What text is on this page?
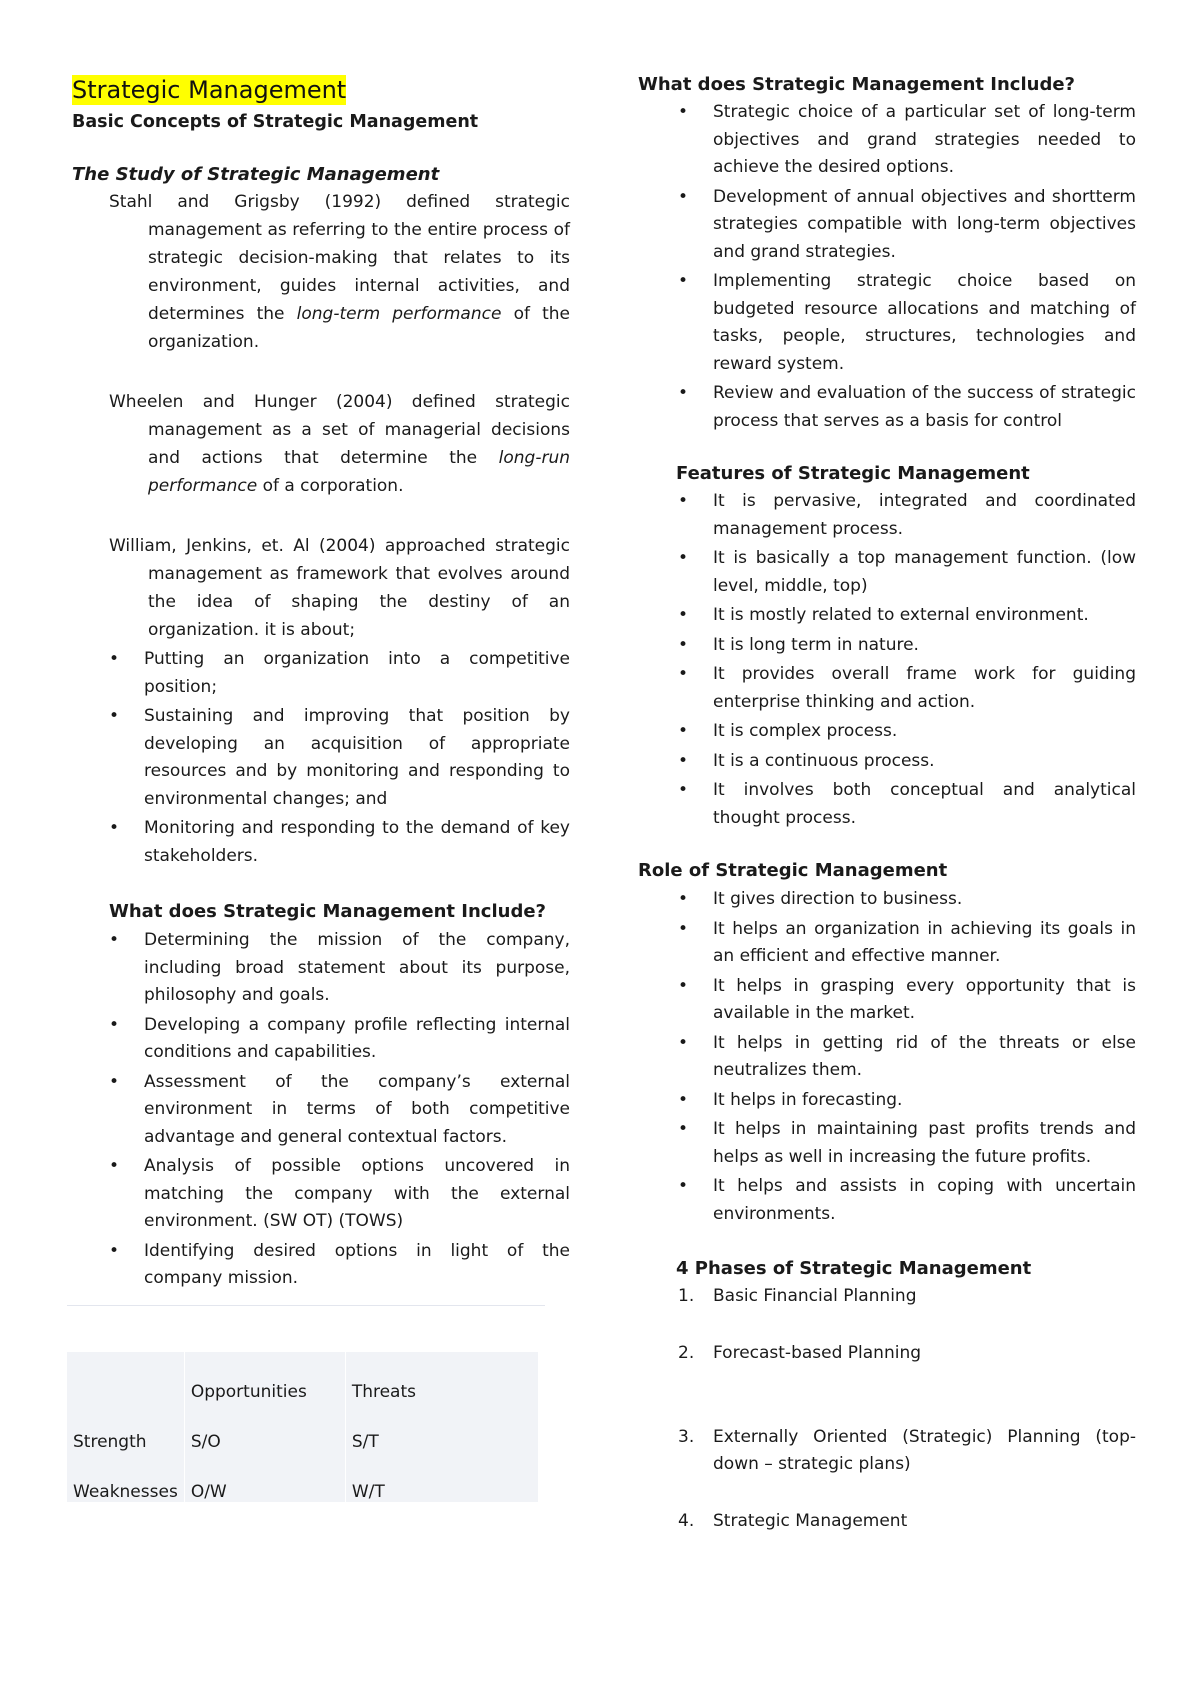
Strategic Management
Basic Concepts of Strategic Management
The Study of Strategic Management
Stahl and Grigsby (1992) defined strategic management as referring to the entire process of strategic decision-making that relates to its environment, guides internal activities, and determines the long-term performance of the organization.
Wheelen and Hunger (2004) defined strategic management as a set of managerial decisions and actions that determine the long-run performance of a corporation.
William, Jenkins, et. Al (2004) approached strategic management as framework that evolves around the idea of shaping the destiny of an organization. it is about;
• Putting an organization into a competitive position;
• Sustaining and improving that position by developing an acquisition of appropriate resources and by monitoring and responding to environmental changes; and
• Monitoring and responding to the demand of key stakeholders.
What does Strategic Management Include?
• Determining the mission of the company, including broad statement about its purpose, philosophy and goals.
• Developing a company profile reflecting internal conditions and capabilities.
• Assessment of the company’s external environment in terms of both competitive advantage and general contextual factors.
• Analysis of possible options uncovered in matching the company with the external environment. (SW OT) (TOWS)
• Identifying desired options in light of the company mission.
	Opportunities	Threats
Strength	S/O	S/T
Weaknesses	O/W	W/T
What does Strategic Management Include?
• Strategic choice of a particular set of long-term objectives and grand strategies needed to achieve the desired options.
• Development of annual objectives and shortterm strategies compatible with long-term objectives and grand strategies.
• Implementing strategic choice based on budgeted resource allocations and matching of tasks, people, structures, technologies and reward system.
• Review and evaluation of the success of strategic process that serves as a basis for control
Features of Strategic Management
• It is pervasive, integrated and coordinated management process.
• It is basically a top management function. (low level, middle, top)
• It is mostly related to external environment.
• It is long term in nature.
• It provides overall frame work for guiding enterprise thinking and action.
• It is complex process.
• It is a continuous process.
• It involves both conceptual and analytical thought process.
Role of Strategic Management
• It gives direction to business.
• It helps an organization in achieving its goals in an efficient and effective manner.
• It helps in grasping every opportunity that is available in the market.
• It helps in getting rid of the threats or else neutralizes them.
• It helps in forecasting.
• It helps in maintaining past profits trends and helps as well in increasing the future profits.
• It helps and assists in coping with uncertain environments.
4 Phases of Strategic Management
1.	Basic Financial Planning
2.	Forecast-based Planning
3.	Externally Oriented (Strategic) Planning (top-down – strategic plans)
4.	Strategic Management
